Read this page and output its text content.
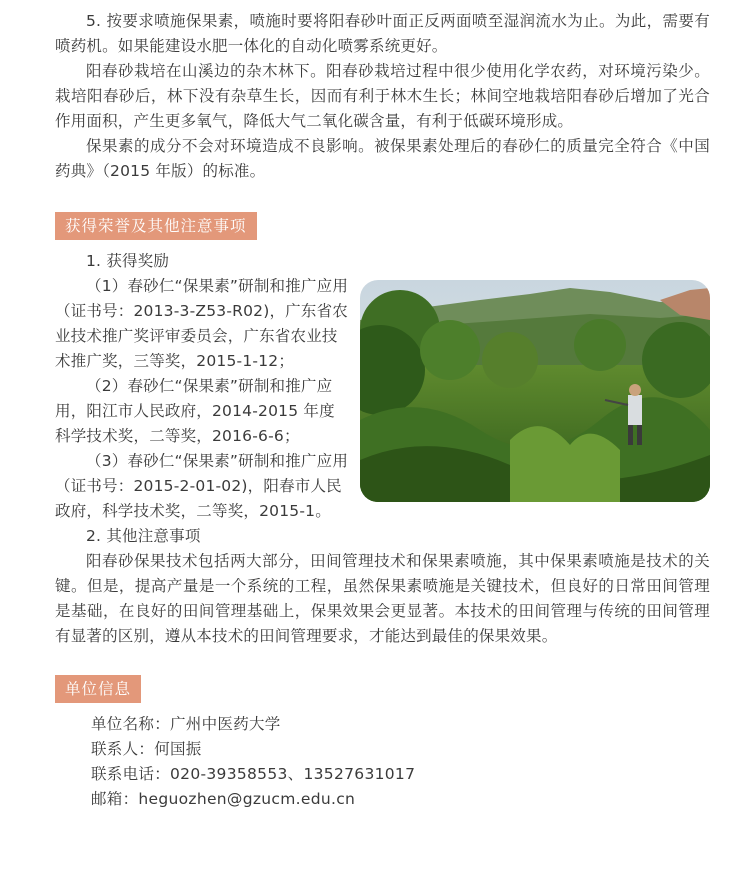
5. 按要求喷施保果素，喷施时要将阳春砂叶面正反两面喷至湿润流水为止。为此，需要有喷药机。如果能建设水肥一体化的自动化喷雾系统更好。

阳春砂栽培在山溪边的杂木林下。阳春砂栽培过程中很少使用化学农药，对环境污染少。栽培阳春砂后，林下没有杂草生长，因而有利于林木生长；林间空地栽培阳春砂后增加了光合作用面积，产生更多氧气，降低大气二氧化碳含量，有利于低碳环境形成。

保果素的成分不会对环境造成不良影响。被保果素处理后的春砂仁的质量完全符合《中国药典》（2015 年版）的标准。

获得荣誉及其他注意事项

1. 获得奖励

（1）春砂仁“保果素”研制和推广应用（证书号：2013-3-Z53-R02)，广东省农业技术推广奖评审委员会，广东省农业技术推广奖，三等奖，2015-1-12；

（2）春砂仁“保果素”研制和推广应用，阳江市人民政府，2014-2015 年度科学技术奖，二等奖，2016-6-6；

（3）春砂仁“保果素”研制和推广应用（证书号：2015-2-01-02)，阳春市人民政府，科学技术奖，二等奖，2015-1。

2. 其他注意事项

阳春砂保果技术包括两大部分，田间管理技术和保果素喷施，其中保果素喷施是技术的关键。但是，提高产量是一个系统的工程，虽然保果素喷施是关键技术，但良好的日常田间管理是基础，在良好的田间管理基础上，保果效果会更显著。本技术的田间管理与传统的田间管理有显著的区别，遵从本技术的田间管理要求，才能达到最佳的保果效果。

单位信息

单位名称：广州中医药大学

联系人：何国振

联系电话：020-39358553、13527631017

邮箱：heguozhen@gzucm.edu.cn
